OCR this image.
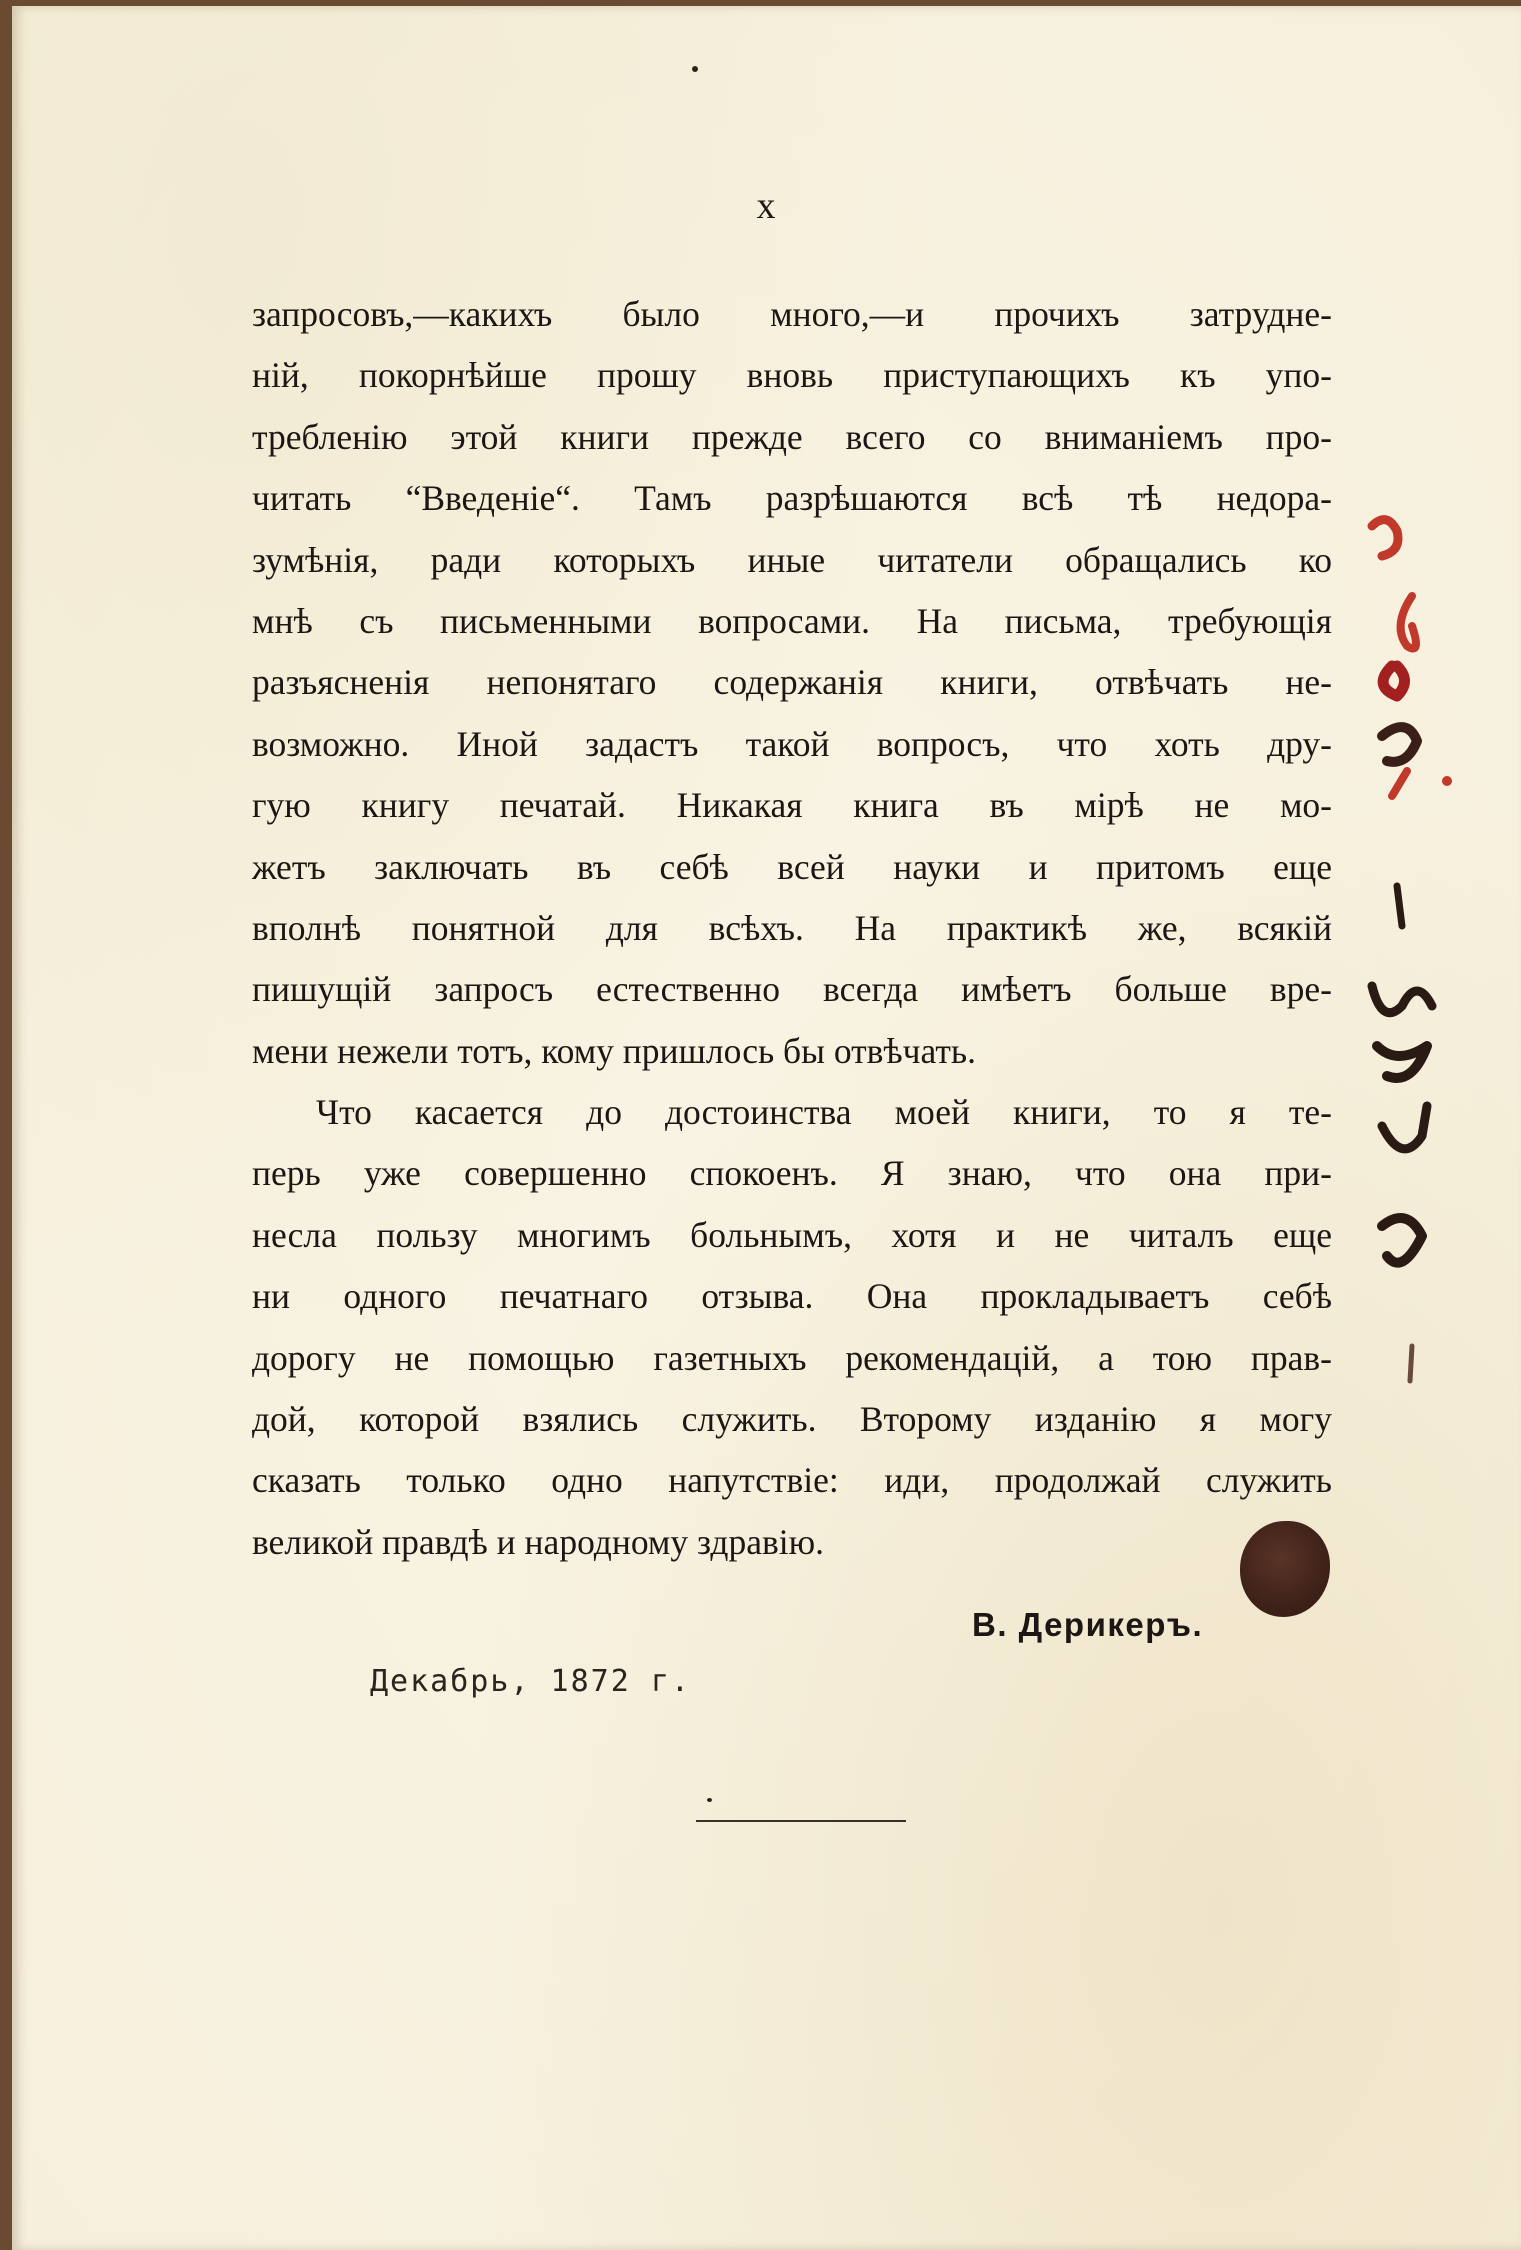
x
запросовъ,—какихъ было много,—и прочихъ затрудне-
ній, покорнѣйше прошу вновь приступающихъ къ упо-
требленію этой книги прежде всего со вниманіемъ про-
читать “Введеніе“. Тамъ разрѣшаются всѣ тѣ недора-
зумѣнія, ради которыхъ иные читатели обращались ко
мнѣ съ письменными вопросами. На письма, требующія
разъясненія непонятаго содержанія книги, отвѣчать не-
возможно. Иной задастъ такой вопросъ, что хоть дру-
гую книгу печатай. Никакая книга въ мірѣ не мо-
жетъ заключать въ себѣ всей науки и притомъ еще
вполнѣ понятной для всѣхъ. На практикѣ же, всякій
пишущій запросъ естественно всегда имѣетъ больше вре-
мени нежели тотъ, кому пришлось бы отвѣчать.
Что касается до достоинства моей книги, то я те-
перь уже совершенно спокоенъ. Я знаю, что она при-
несла пользу многимъ больнымъ, хотя и не читалъ еще
ни одного печатнаго отзыва. Она прокладываетъ себѣ
дорогу не помощью газетныхъ рекомендацій, а тою прав-
дой, которой взялись служить. Второму изданію я могу
сказать только одно напутствіе: иди, продолжай служить
великой правдѣ и народному здравію.
В. Дерикеръ.
Декабрь, 1872 г.
